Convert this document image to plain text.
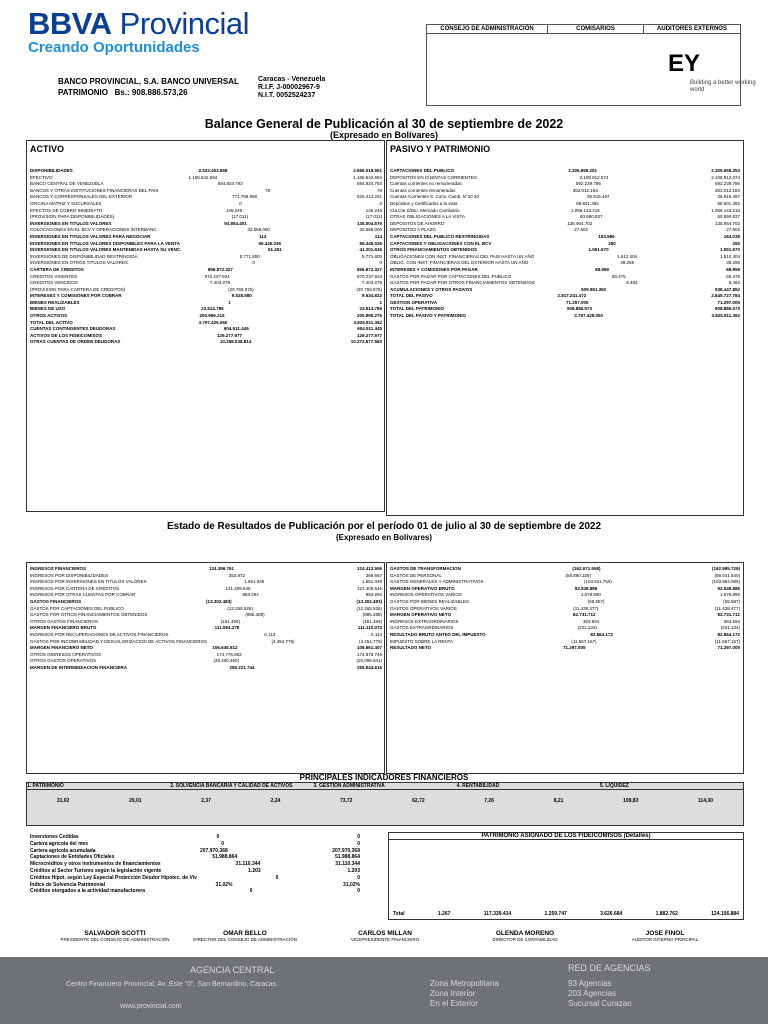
BBVA Provincial
Creando Oportunidades
BANCO PROVINCIAL, S.A. BANCO UNIVERSAL
PATRIMONIO Bs.: 908.886.573,26
Caracas - Venezuela
R.I.F. J-00002967-9
N.I.T. 0052524237
CONSEJO DE ADMINISTRACIÓN	COMISARIOS	AUDITORES EXTERNOS
EY
Building a better working world
Balance General de Publicación al 30 de septiembre de 2022
(Expresado en Bolívares)
ACTIVO	PASIVO Y PATRIMONIO
DISPONIBILIDADES	2.532.403.658	2.556.019.551
EFECTIVO	1.165.642.594	1.165.642.594
BANCO CENTRAL DE VENEZUELA	594.834.793	594.834.793
BANCOS Y OTRAS INSTITUCIONES FINANCIERAS DEL PAIS	78	78
BANCOS Y CORRESPONSALES DEL EXTERIOR	771.796.988	825.413.251
OFICINA MATRIZ Y SUCURSALES	0	0
EFECTOS DE COBRO INMEDIATO	146.246	146.246
(PROVISION PARA DISPONIBILIDADES)	(17.011)	(17.011)
INVERSIONES EN TITULOS VALORES	93.854.401	135.004.576
COLOCACIONES EN EL BCV Y OPERACIONES INTERBANC.	32.586.000	32.586.000
INVERSIONES EN TITULOS VALORES PARA NEGOCIAR	114	114
INVERSIONES EN TITULOS VALORES DISPONIBLES PARA LA VENTA	55.445.036	55.445.036
INVERSIONES EN TITULOS VALORES MANTENIDAS HASTA SU VENC.	51.451	41.201.626
INVERSIONES DE DISPONIBILIDAD RESTRINGIDA	5.771.800	5.771.800
INVERSIONES EN OTROS TITULOS VALORES	0	0
CARTERA DE CREDITOS	856.872.327	856.872.327
CREDITOS VIGENTES	870.237.924	870.237.924
CREDITOS VENCIDOS	7.403.279	7.403.279
(PROVISION PARA CARTERA DE CREDITOS)	(20.768.876)	(20.768.876)
INTERESES Y COMISIONES POR COBRAR	9.528.580	9.534.822
BIENES REALIZABLES	1	1
BIENES DE USO	23.514.786	23.514.786
OTROS ACTIVOS	200.986.215	200.990.275
TOTAL DEL ACTIVO	3.797.425.050	3.825.911.362
CUENTAS CONTINGENTES DEUDORAS	604.511.445	604.511.445
ACTIVOS DE LOS FIDEICOMISOS	129.277.977	129.277.977
OTRAS CUENTAS DE ORDEN DEUDORAS	10.268.538.814	10.272.577.583
CAPTACIONES DEL PUBLICO	2.305.659.201	2.305.659.253
DEPOSITOS EN CUENTAS CORRIENTES	2.108.912.074	2.108.912.074
Cuentas corrientes no remuneradas	592.239.786	592.239.786
Cuentas corrientes remuneradas	353.012.183	353.012.183
Cuentas Corrientes S. Conv. Camb. N°20 20	36.915.497	36.915.497
Depósitos y Certificados a la vista	68.601.392	68.601.392
Cta.Cte.S/Dto. Mercado Cambiario	1.058.143.216	1.058.143.216
OTRAS OBLIGACIONES A LA VISTA	60.590.837	60.590.837
DEPOSITOS DE AHORRO	135.964.702	135.964.702
DEPOSITOS A PLAZO	27.602	27.602
CAPTACIONES DEL PUBLICO RESTRINGIDAS	163.986	164.038
CAPTACIONES Y OBLIGACIONES CON EL BCV	250	250
OTROS FINANCIAMIENTOS OBTENIDOS	1.551.670	1.551.670
OBLIGACIONES CON INST. FINANCIERAS DEL PAIS HASTA UN AÑO	1.512.404	1.512.404
OBLIG. CON INST. FINANCIERAS DEL EXTERIOR HASTA UN AÑO	39.266	39.266
INTERESES Y COMISIONES POR PAGAR	68.959	68.959
GASTOS POR PAGAR POR CAPTACIONES DEL PUBLICO	60.475	60.475
GASTOS POR PAGAR POR OTROS FINANCIAMIENTOS OBTENIDOS	8.484	8.484
ACUMULACIONES Y OTROS PASIVOS	509.961.392	538.447.852
TOTAL DEL PASIVO	2.817.241.472	2.845.727.784
GESTION OPERATIVA	71.297.005	71.297.005
TOTAL DEL PATRIMONIO	908.886.573	908.886.573
TOTAL DEL PASIVO Y PATRIMONIO	3.797.425.050	3.825.911.362
Estado de Resultados de Publicación por el período 01 de julio al 30 de septiembre de 2022
(Expresado en Bolívares)
INGRESOS FINANCIEROS	124.396.761	124.412.556
INGRESOS POR DISPONIBILIDADES	352.872	368.667
INGRESOS POR INVERSIONES EN TITULOS VALORES	1.651.049	1.651.049
INGRESOS POR CARTERA DE CREDITOS	121.409.546	121.409.546
INGRESOS POR OTRAS CUENTAS POR COBRAR	983.294	983.294
GASTOS FINANCIEROS	(13.302.483)	(13.302.483)
GASTOS POR CAPTACIONES DEL PUBLICO	(12.265.526)	(12.265.526)
GASTOS POR OTROS FINANCIAMIENTOS OBTENIDOS	(885.488)	(885.488)
OTROS GASTOS FINANCIEROS	(151.469)	(151.469)
MARGEN FINANCIERO BRUTO	111.094.278	111.110.073
INGRESOS POR RECUPERACIONES DE ACTIVOS FINANCIEROS	6.113	6.113
GASTOS POR INCOBRABILIDAD Y DESVALORIZACION DE ACTIVOS FINANCIEROS	(4.454.779)	(4.454.779)
MARGEN FINANCIERO NETO	106.645.612	106.661.407
OTROS INGRESOS OPERATIVOS	174.776.592	174.979.749
OTROS GASTOS OPERATIVOS	(26.200.460)	(26.096.541)
MARGEN DE INTERMEDIACION FINANCIERA	255.221.744	255.544.615
GASTOS DE TRANSFORMACION	(162.671.558)	(162.995.729)
GASTOS DE PERSONAL	(58.860.108)	(59.041.640)
GASTOS GENERALES Y ADMINISTRATIVOS	(103.811.750)	(103.954.089)
MARGEN OPERATIVO BRUTO	92.549.886	92.549.886
INGRESOS OPERATIVOS VARIOS	1.678.890	1.678.890
GASTOS POR BIENES REALIZABLES	(58.587)	(58.587)
GASTOS OPERATIVOS VARIOS	(11.438.477)	(11.438.477)
MARGEN OPERATIVO NETO	82.731.712	82.731.712
INGRESOS EXTRAORDINARIOS	363.594	363.594
GASTOS EXTRAORDINARIOS	(231.134)	(231.134)
RESULTADO BRUTO ANTES DEL IMPUESTO	82.864.172	82.864.172
IMPUESTO SOBRE LA RENTA	(11.567.167)	(11.567.167)
RESULTADO NETO	71.297.005	71.297.005
PRINCIPALES INDICADORES FINANCIEROS
1. PATRIMONIO	2. SOLVENCIA BANCARIA Y CALIDAD DE ACTIVOS	3. GESTION ADMINISTRATIVA	4. RENTABILIDAD	5. LIQUIDEZ
31,02	29,01	2,37	2,24	73,72	62,72	7,26	8,21	109,83	114,30
Inversiones Cedidas	0	0
Cartera agrícola del mes	0	0
Cartera agrícola acumulada	207.970.368	207.970.368
Captaciones de Entidades Oficiales	51.988.864	51.988.864
Microcréditos y otros instrumentos de financiamientos	31.110.344	31.110.344
Créditos al Sector Turismo según la legislación vigente	1.203	1.203
Créditos Hipot. según Ley Especial Protección Deudor Hipotec. de Viv	0	0
Índice de Solvencia Patrimonial	31,02%	31,02%
Créditos otorgados a la actividad manufacturera	0	0
PATRIMONIO ASIGNADO DE LOS FIDEICOMISOS (Detalles)
Total	1.267	117.339.414	1.259.747	3.626.684	1.882.762	124.106.884
SALVADOR SCOTTI
PRESIDENTE DEL CONSEJO DE ADMINISTRACIÓN
OMAR BELLO
DIRECTOR DEL CONSEJO DE ADMINISTRACIÓN
CARLOS MILLAN
VICEPRESIDENTE FINANCIERO
GLENDA MORENO
DIRECTOR DE CONTABILIDAD
JOSE FINOL
AUDITOR INTERNO PRINCIPAL
AGENCIA CENTRAL
Centro Financiero Provincial. Av. Este "0", San Bernardino, Caracas.
www.provincial.com
Zona Metropolitana
Zona Interior
En el Exterior
RED DE AGENCIAS
93 Agencias
203 Agencias
Sucursal Curazao
